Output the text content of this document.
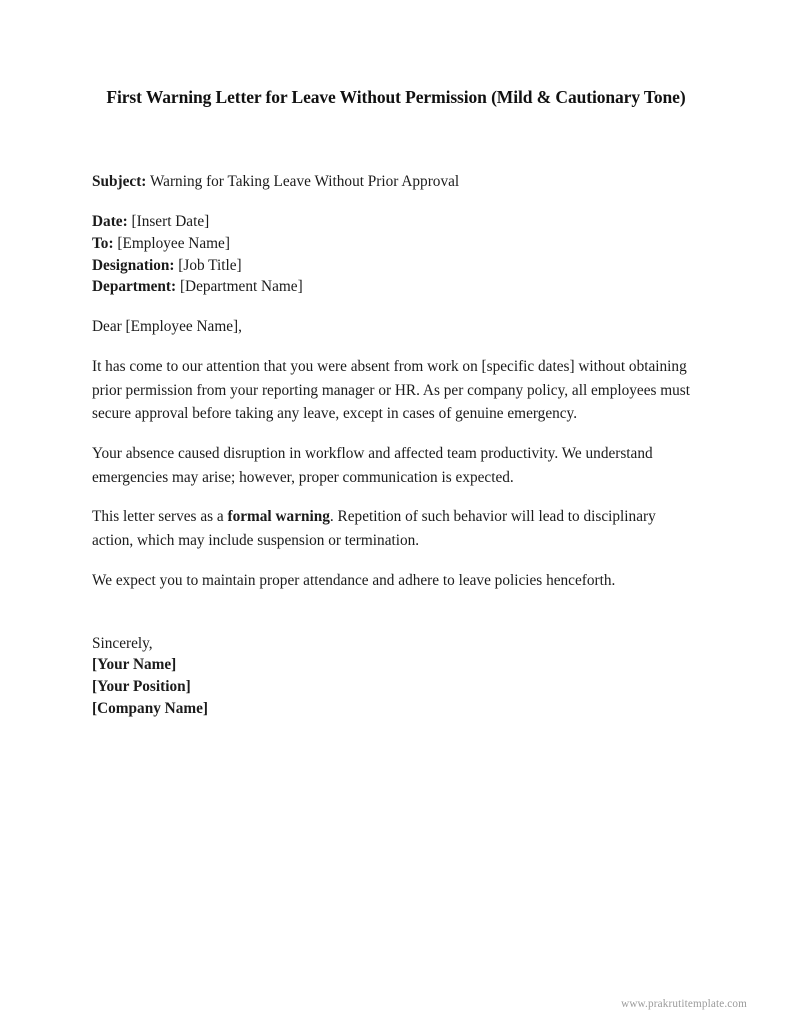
First Warning Letter for Leave Without Permission (Mild & Cautionary Tone)
Subject: Warning for Taking Leave Without Prior Approval
Date: [Insert Date]
To: [Employee Name]
Designation: [Job Title]
Department: [Department Name]

Dear [Employee Name],

It has come to our attention that you were absent from work on [specific dates] without obtaining prior permission from your reporting manager or HR. As per company policy, all employees must secure approval before taking any leave, except in cases of genuine emergency.

Your absence caused disruption in workflow and affected team productivity. We understand emergencies may arise; however, proper communication is expected.

This letter serves as a formal warning. Repetition of such behavior will lead to disciplinary action, which may include suspension or termination.

We expect you to maintain proper attendance and adhere to leave policies henceforth.

Sincerely,
[Your Name]
[Your Position]
[Company Name]
www.prakrutitemplate.com
